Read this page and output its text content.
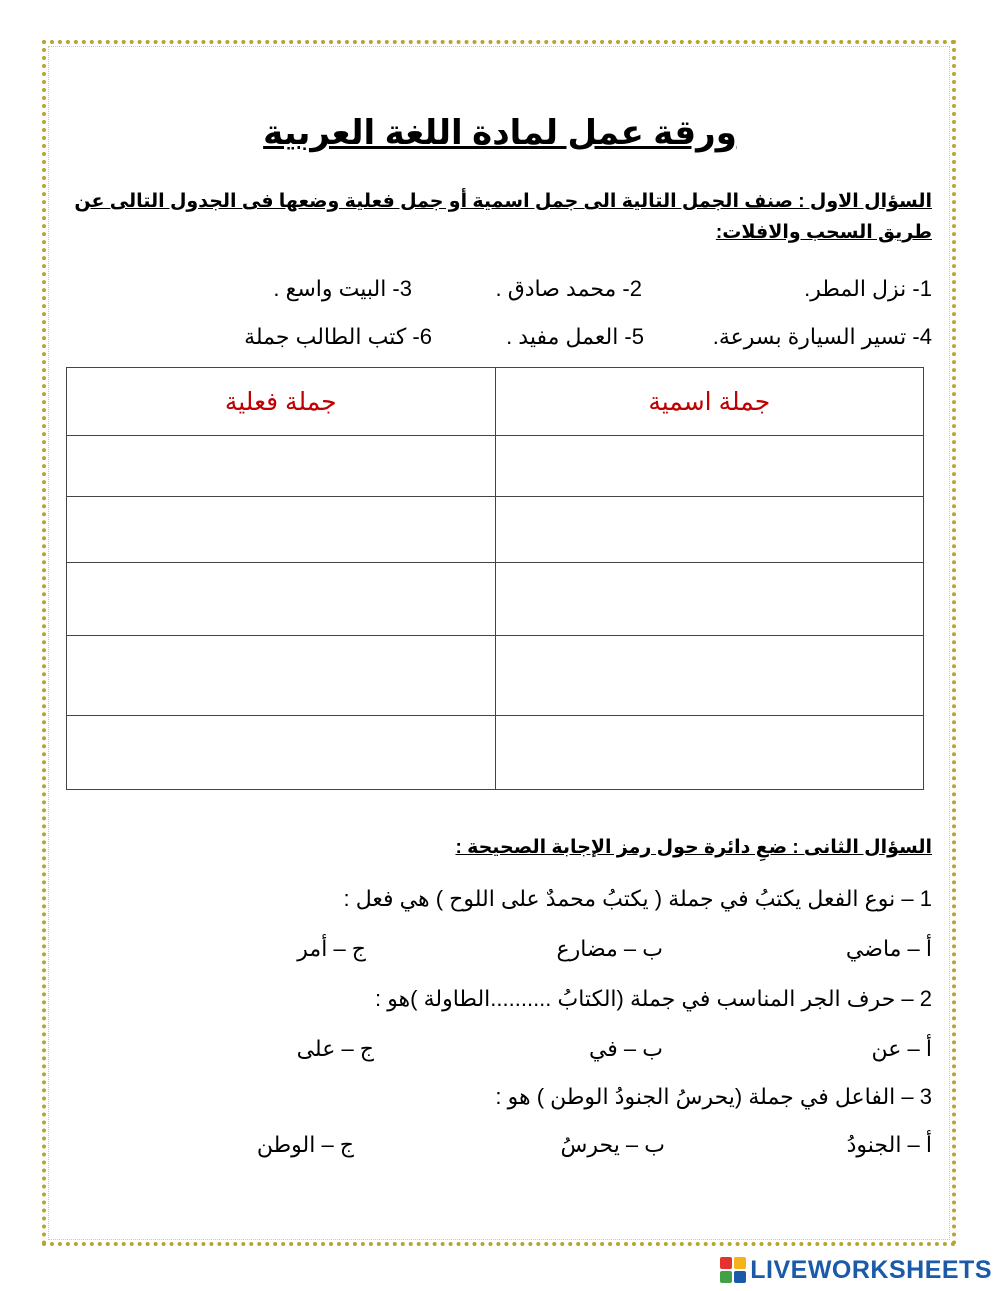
ورقة عمل لمادة اللغة العربية

السؤال الاول : صنف الجمل التالية الى جمل اسمية أو جمل فعلية وضعها فى الجدول التالى عن طريق السحب والافلات:

1- نزل المطر.
2- محمد صادق .
3- البيت واسع .
4- تسير السيارة بسرعة.
5- العمل مفيد .
6- كتب الطالب جملة
جملة اسمية	جملة فعلية

السؤال الثانى : ضعِ دائرة حول رمز الإجابة الصحيحة :

1 – نوع الفعل يكتبُ في جملة ( يكتبُ محمدٌ على اللوح ) هي فعل :
أ – ماضي
ب – مضارع
ج – أمر
2 – حرف الجر المناسب في جملة (الكتابُ ..........الطاولة )هو :
أ – عن
ب – في
ج – على
3 – الفاعل في جملة (يحرسُ الجنودُ الوطن ) هو :
أ – الجنودُ
ب – يحرسُ
ج – الوطن
LIVEWORKSHEETS
